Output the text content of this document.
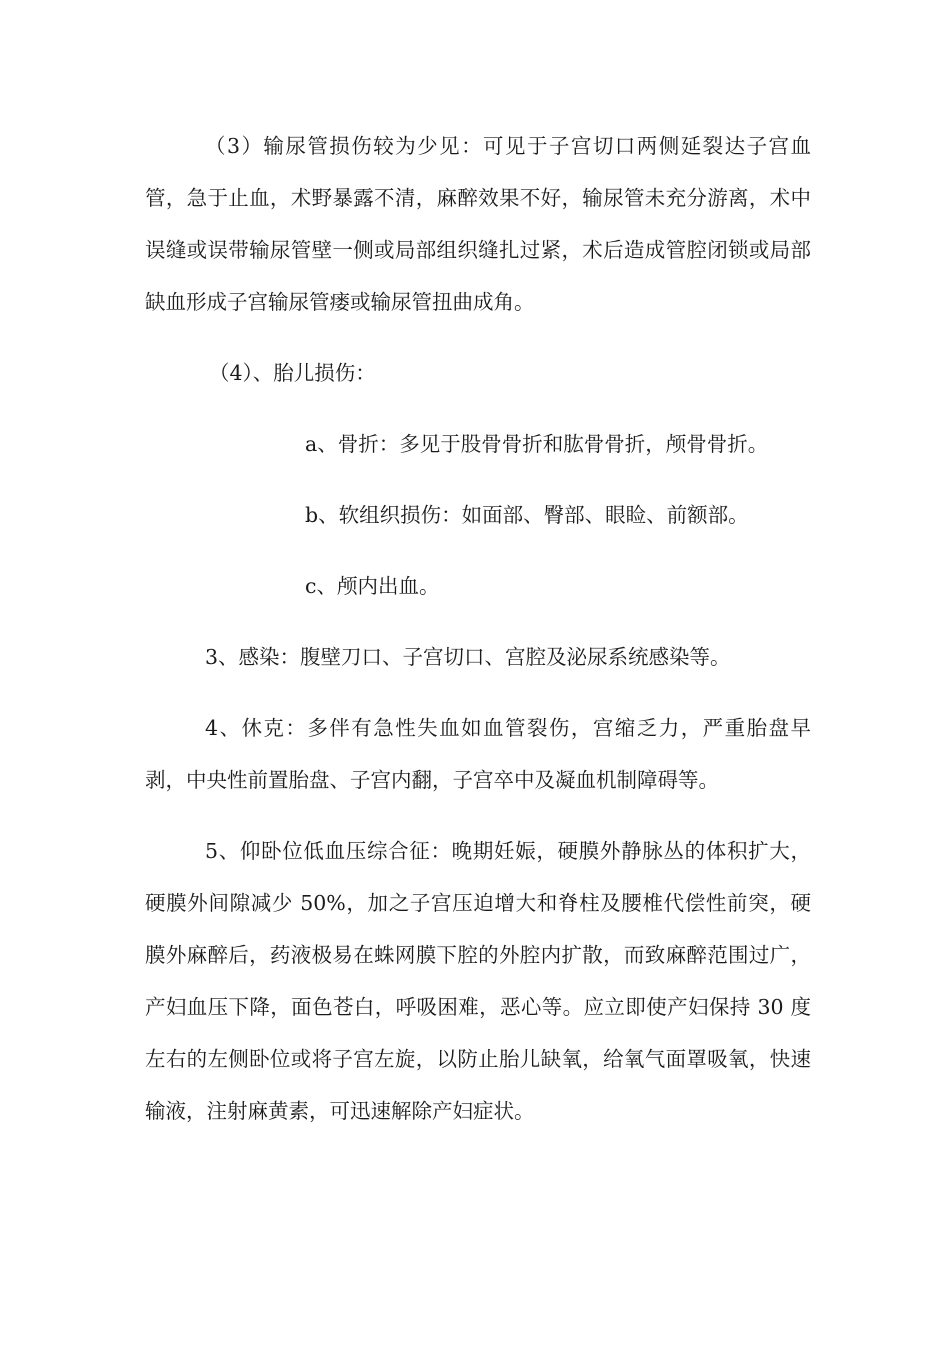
（3）输尿管损伤较为少见：可见于子宫切口两侧延裂达子宫血管，急于止血，术野暴露不清，麻醉效果不好，输尿管未充分游离，术中误缝或误带输尿管壁一侧或局部组织缝扎过紧，术后造成管腔闭锁或局部缺血形成子宫输尿管瘘或输尿管扭曲成角。

（4）、胎儿损伤：

a、骨折：多见于股骨骨折和肱骨骨折，颅骨骨折。

b、软组织损伤：如面部、臀部、眼睑、前额部。

c、颅内出血。

3、感染：腹壁刀口、子宫切口、宫腔及泌尿系统感染等。

4、休克：多伴有急性失血如血管裂伤，宫缩乏力，严重胎盘早剥，中央性前置胎盘、子宫内翻，子宫卒中及凝血机制障碍等。

5、仰卧位低血压综合征：晚期妊娠，硬膜外静脉丛的体积扩大，硬膜外间隙减少 50%，加之子宫压迫增大和脊柱及腰椎代偿性前突，硬膜外麻醉后，药液极易在蛛网膜下腔的外腔内扩散，而致麻醉范围过广，产妇血压下降，面色苍白，呼吸困难，恶心等。应立即使产妇保持 30 度左右的左侧卧位或将子宫左旋，以防止胎儿缺氧，给氧气面罩吸氧，快速输液，注射麻黄素，可迅速解除产妇症状。
